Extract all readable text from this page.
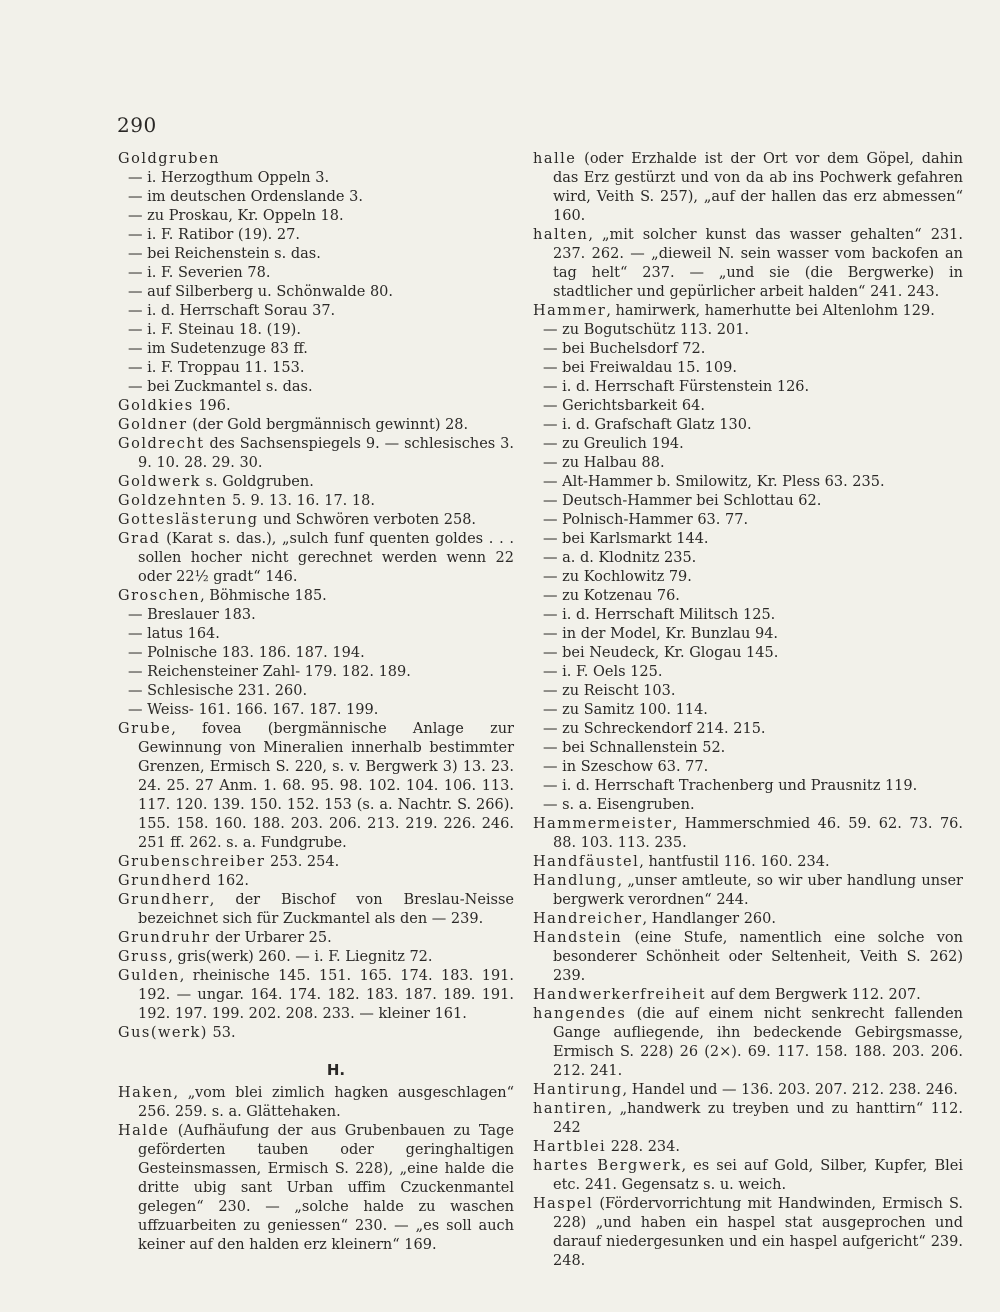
290

Goldgruben

— i. Herzogthum Oppeln 3.

— im deutschen Ordenslande 3.

— zu Proskau, Kr. Oppeln 18.

— i. F. Ratibor (19). 27.

— bei Reichenstein s. das.

— i. F. Severien 78.

— auf Silberberg u. Schönwalde 80.

— i. d. Herrschaft Sorau 37.

— i. F. Steinau 18. (19).

— im Sudetenzuge 83 ff.

— i. F. Troppau 11. 153.

— bei Zuckmantel s. das.

Goldkies 196.

Goldner (der Gold bergmännisch gewinnt) 28.

Goldrecht des Sachsenspiegels 9. — schlesisches 3. 9. 10. 28. 29. 30.

Goldwerk s. Goldgruben.

Goldzehnten 5. 9. 13. 16. 17. 18.

Gotteslästerung und Schwören verboten 258.

Grad (Karat s. das.), „sulch funf quenten goldes . . . sollen hocher nicht gerechnet werden wenn 22 oder 22½ gradt“ 146.

Groschen, Böhmische 185.

— Breslauer 183.

— latus 164.

— Polnische 183. 186. 187. 194.

— Reichensteiner Zahl- 179. 182. 189.

— Schlesische 231. 260.

— Weiss- 161. 166. 167. 187. 199.

Grube, fovea (bergmännische Anlage zur Gewinnung von Mineralien innerhalb bestimmter Grenzen, Ermisch S. 220, s. v. Bergwerk 3) 13. 23. 24. 25. 27 Anm. 1. 68. 95. 98. 102. 104. 106. 113. 117. 120. 139. 150. 152. 153 (s. a. Nachtr. S. 266). 155. 158. 160. 188. 203. 206. 213. 219. 226. 246. 251 ff. 262. s. a. Fundgrube.

Grubenschreiber 253. 254.

Grundherd 162.

Grundherr, der Bischof von Breslau-Neisse bezeichnet sich für Zuckmantel als den — 239.

Grundruhr der Urbarer 25.

Gruss, gris(werk) 260. — i. F. Liegnitz 72.

Gulden, rheinische 145. 151. 165. 174. 183. 191. 192. — ungar. 164. 174. 182. 183. 187. 189. 191. 192. 197. 199. 202. 208. 233. — kleiner 161.

Gus(werk) 53.

H.

Haken, „vom blei zimlich hagken ausgeschlagen“ 256. 259. s. a. Glättehaken.

Halde (Aufhäufung der aus Grubenbauen zu Tage geförderten tauben oder geringhaltigen Gesteinsmassen, Ermisch S. 228), „eine halde die dritte ubig sant Urban uffim Czuckenmantel gelegen“ 230. — „solche halde zu waschen uffzuarbeiten zu geniessen“ 230. — „es soll auch keiner auf den halden erz kleinern“ 169.

halle (oder Erzhalde ist der Ort vor dem Göpel, dahin das Erz gestürzt und von da ab ins Pochwerk gefahren wird, Veith S. 257), „auf der hallen das erz abmessen“ 160.

halten, „mit solcher kunst das wasser gehalten“ 231. 237. 262. — „dieweil N. sein wasser vom backofen an tag helt“ 237. — „und sie (die Bergwerke) in stadtlicher und gepürlicher arbeit halden“ 241. 243.

Hammer, hamirwerk, hamerhutte bei Altenlohm 129.

— zu Bogutschütz 113. 201.

— bei Buchelsdorf 72.

— bei Freiwaldau 15. 109.

— i. d. Herrschaft Fürstenstein 126.

— Gerichtsbarkeit 64.

— i. d. Grafschaft Glatz 130.

— zu Greulich 194.

— zu Halbau 88.

— Alt-Hammer b. Smilowitz, Kr. Pless 63. 235.

— Deutsch-Hammer bei Schlottau 62.

— Polnisch-Hammer 63. 77.

— bei Karlsmarkt 144.

— a. d. Klodnitz 235.

— zu Kochlowitz 79.

— zu Kotzenau 76.

— i. d. Herrschaft Militsch 125.

— in der Model, Kr. Bunzlau 94.

— bei Neudeck, Kr. Glogau 145.

— i. F. Oels 125.

— zu Reischt 103.

— zu Samitz 100. 114.

— zu Schreckendorf 214. 215.

— bei Schnallenstein 52.

— in Szeschow 63. 77.

— i. d. Herrschaft Trachenberg und Prausnitz 119.

— s. a. Eisengruben.

Hammermeister, Hammerschmied 46. 59. 62. 73. 76. 88. 103. 113. 235.

Handfäustel, hantfustil 116. 160. 234.

Handlung, „unser amtleute, so wir uber handlung unser bergwerk verordnen“ 244.

Handreicher, Handlanger 260.

Handstein (eine Stufe, namentlich eine solche von besonderer Schönheit oder Seltenheit, Veith S. 262) 239.

Handwerkerfreiheit auf dem Bergwerk 112. 207.

hangendes (die auf einem nicht senkrecht fallenden Gange aufliegende, ihn bedeckende Gebirgsmasse, Ermisch S. 228) 26 (2×). 69. 117. 158. 188. 203. 206. 212. 241.

Hantirung, Handel und — 136. 203. 207. 212. 238. 246.

hantiren, „handwerk zu treyben und zu hanttirn“ 112. 242

Hartblei 228. 234.

hartes Bergwerk, es sei auf Gold, Silber, Kupfer, Blei etc. 241. Gegensatz s. u. weich.

Haspel (Fördervorrichtung mit Handwinden, Ermisch S. 228) „und haben ein haspel stat ausgeprochen und darauf niedergesunken und ein haspel aufgericht“ 239. 248.
